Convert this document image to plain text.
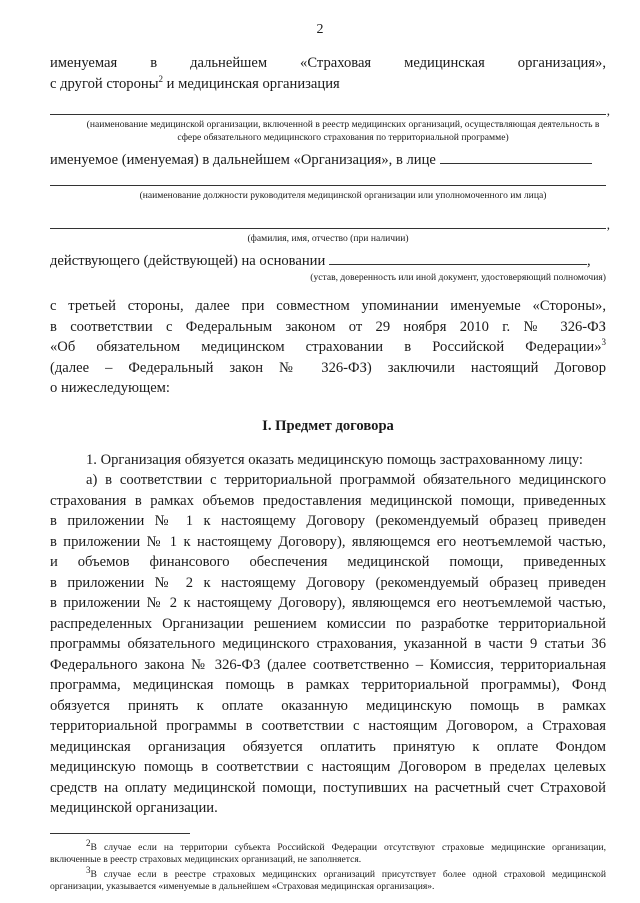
2
именуемая в дальнейшем «Страховая медицинская организация»,
с другой стороны$^2$ и медицинская организация
,
(наименование медицинской организации, включенной в реестр медицинских организаций, осуществляющая деятельность в сфере обязательного медицинского страхования по территориальной программе)
именуемое (именуемая) в дальнейшем «Организация», в лице
(наименование должности руководителя медицинской организации или уполномоченного им лица)
,
(фамилия, имя, отчество (при наличии)
действующего (действующей) на основании	,
(устав, доверенность или иной документ, удостоверяющий полномочия)
с третьей стороны, далее при совместном упоминании именуемые «Стороны»,
в соответствии с Федеральным законом от 29 ноября 2010 г. № 326-ФЗ
«Об обязательном медицинском страховании в Российской Федерации»$^3$
(далее – Федеральный закон № 326-ФЗ) заключили настоящий Договор
о нижеследующем:
I. Предмет договора
1. Организация обязуется оказать медицинскую помощь застрахованному лицу:
а) в соответствии с территориальной программой обязательного медицинского
страхования в рамках объемов предоставления медицинской помощи, приведенных
в приложении № 1 к настоящему Договору (рекомендуемый образец приведен
в приложении № 1 к настоящему Договору), являющемся его неотъемлемой частью,
и объемов финансового обеспечения медицинской помощи, приведенных
в приложении № 2 к настоящему Договору (рекомендуемый образец приведен
в приложении № 2 к настоящему Договору), являющемся его неотъемлемой частью,
распределенных Организации решением комиссии по разработке территориальной
программы обязательного медицинского страхования, указанной в части 9 статьи 36
Федерального закона № 326-ФЗ (далее соответственно – Комиссия, территориальная
программа, медицинская помощь в рамках территориальной программы), Фонд
обязуется принять к оплате оказанную медицинскую помощь в рамках
территориальной программы в соответствии с настоящим Договором, а Страховая
медицинская организация обязуется оплатить принятую к оплате Фондом
медицинскую помощь в соответствии с настоящим Договором в пределах целевых
средств на оплату медицинской помощи, поступивших на расчетный счет Страховой
медицинской организации.
$^2$В случае если на территории субъекта Российской Федерации отсутствуют страховые медицинские организации, включенные в реестр страховых медицинских организаций, не заполняется.
$^3$В случае если в реестре страховых медицинских организаций присутствует более одной страховой медицинской организации, указывается «именуемые в дальнейшем «Страховая медицинская организация».
